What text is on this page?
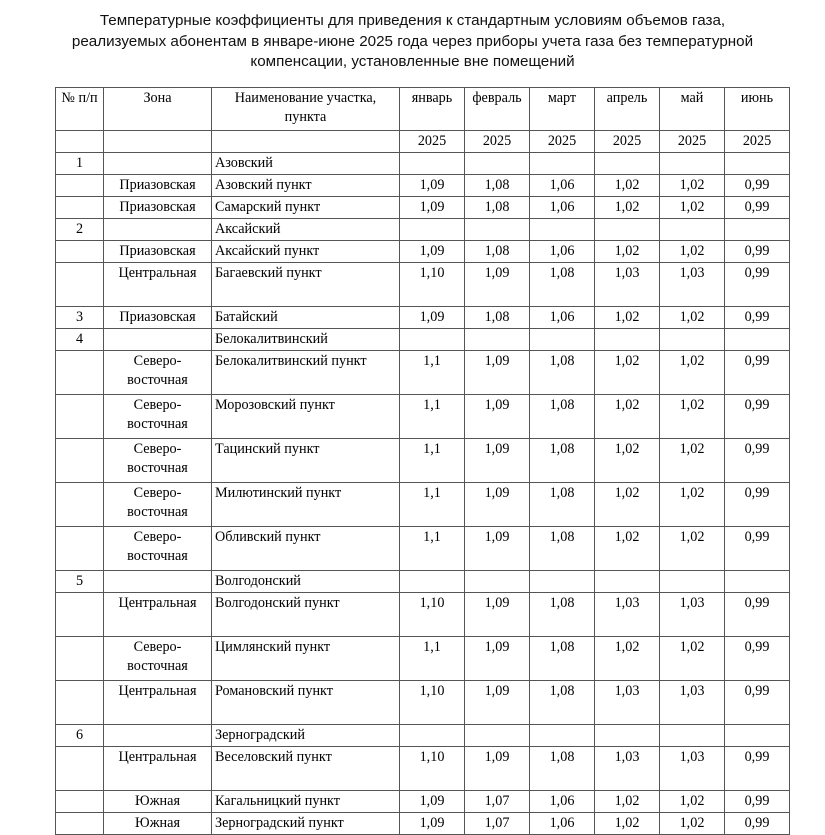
Температурные коэффициенты для приведения к стандартным условиям объемов газа, реализуемых абонентам в январе-июне 2025 года через приборы учета газа без температурной компенсации, установленные вне помещений
№ п/п	Зона	Наименование участка, пункта	январь	февраль	март	апрель	май	июнь
			2025	2025	2025	2025	2025	2025
1		Азовский						
	Приазовская	Азовский пункт	1,09	1,08	1,06	1,02	1,02	0,99
	Приазовская	Самарский пункт	1,09	1,08	1,06	1,02	1,02	0,99
2		Аксайский						
	Приазовская	Аксайский пункт	1,09	1,08	1,06	1,02	1,02	0,99
	Центральная	Багаевский пункт	1,10	1,09	1,08	1,03	1,03	0,99
3	Приазовская	Батайский	1,09	1,08	1,06	1,02	1,02	0,99
4		Белокалитвинский						
	Северо-восточная	Белокалитвинский пункт	1,1	1,09	1,08	1,02	1,02	0,99
	Северо-восточная	Морозовский пункт	1,1	1,09	1,08	1,02	1,02	0,99
	Северо-восточная	Тацинский пункт	1,1	1,09	1,08	1,02	1,02	0,99
	Северо-восточная	Милютинский пункт	1,1	1,09	1,08	1,02	1,02	0,99
	Северо-восточная	Обливский пункт	1,1	1,09	1,08	1,02	1,02	0,99
5		Волгодонский						
	Центральная	Волгодонский пункт	1,10	1,09	1,08	1,03	1,03	0,99
	Северо-восточная	Цимлянский пункт	1,1	1,09	1,08	1,02	1,02	0,99
	Центральная	Романовский пункт	1,10	1,09	1,08	1,03	1,03	0,99
6		Зерноградский						
	Центральная	Веселовский пункт	1,10	1,09	1,08	1,03	1,03	0,99
	Южная	Кагальницкий пункт	1,09	1,07	1,06	1,02	1,02	0,99
	Южная	Зерноградский пункт	1,09	1,07	1,06	1,02	1,02	0,99
